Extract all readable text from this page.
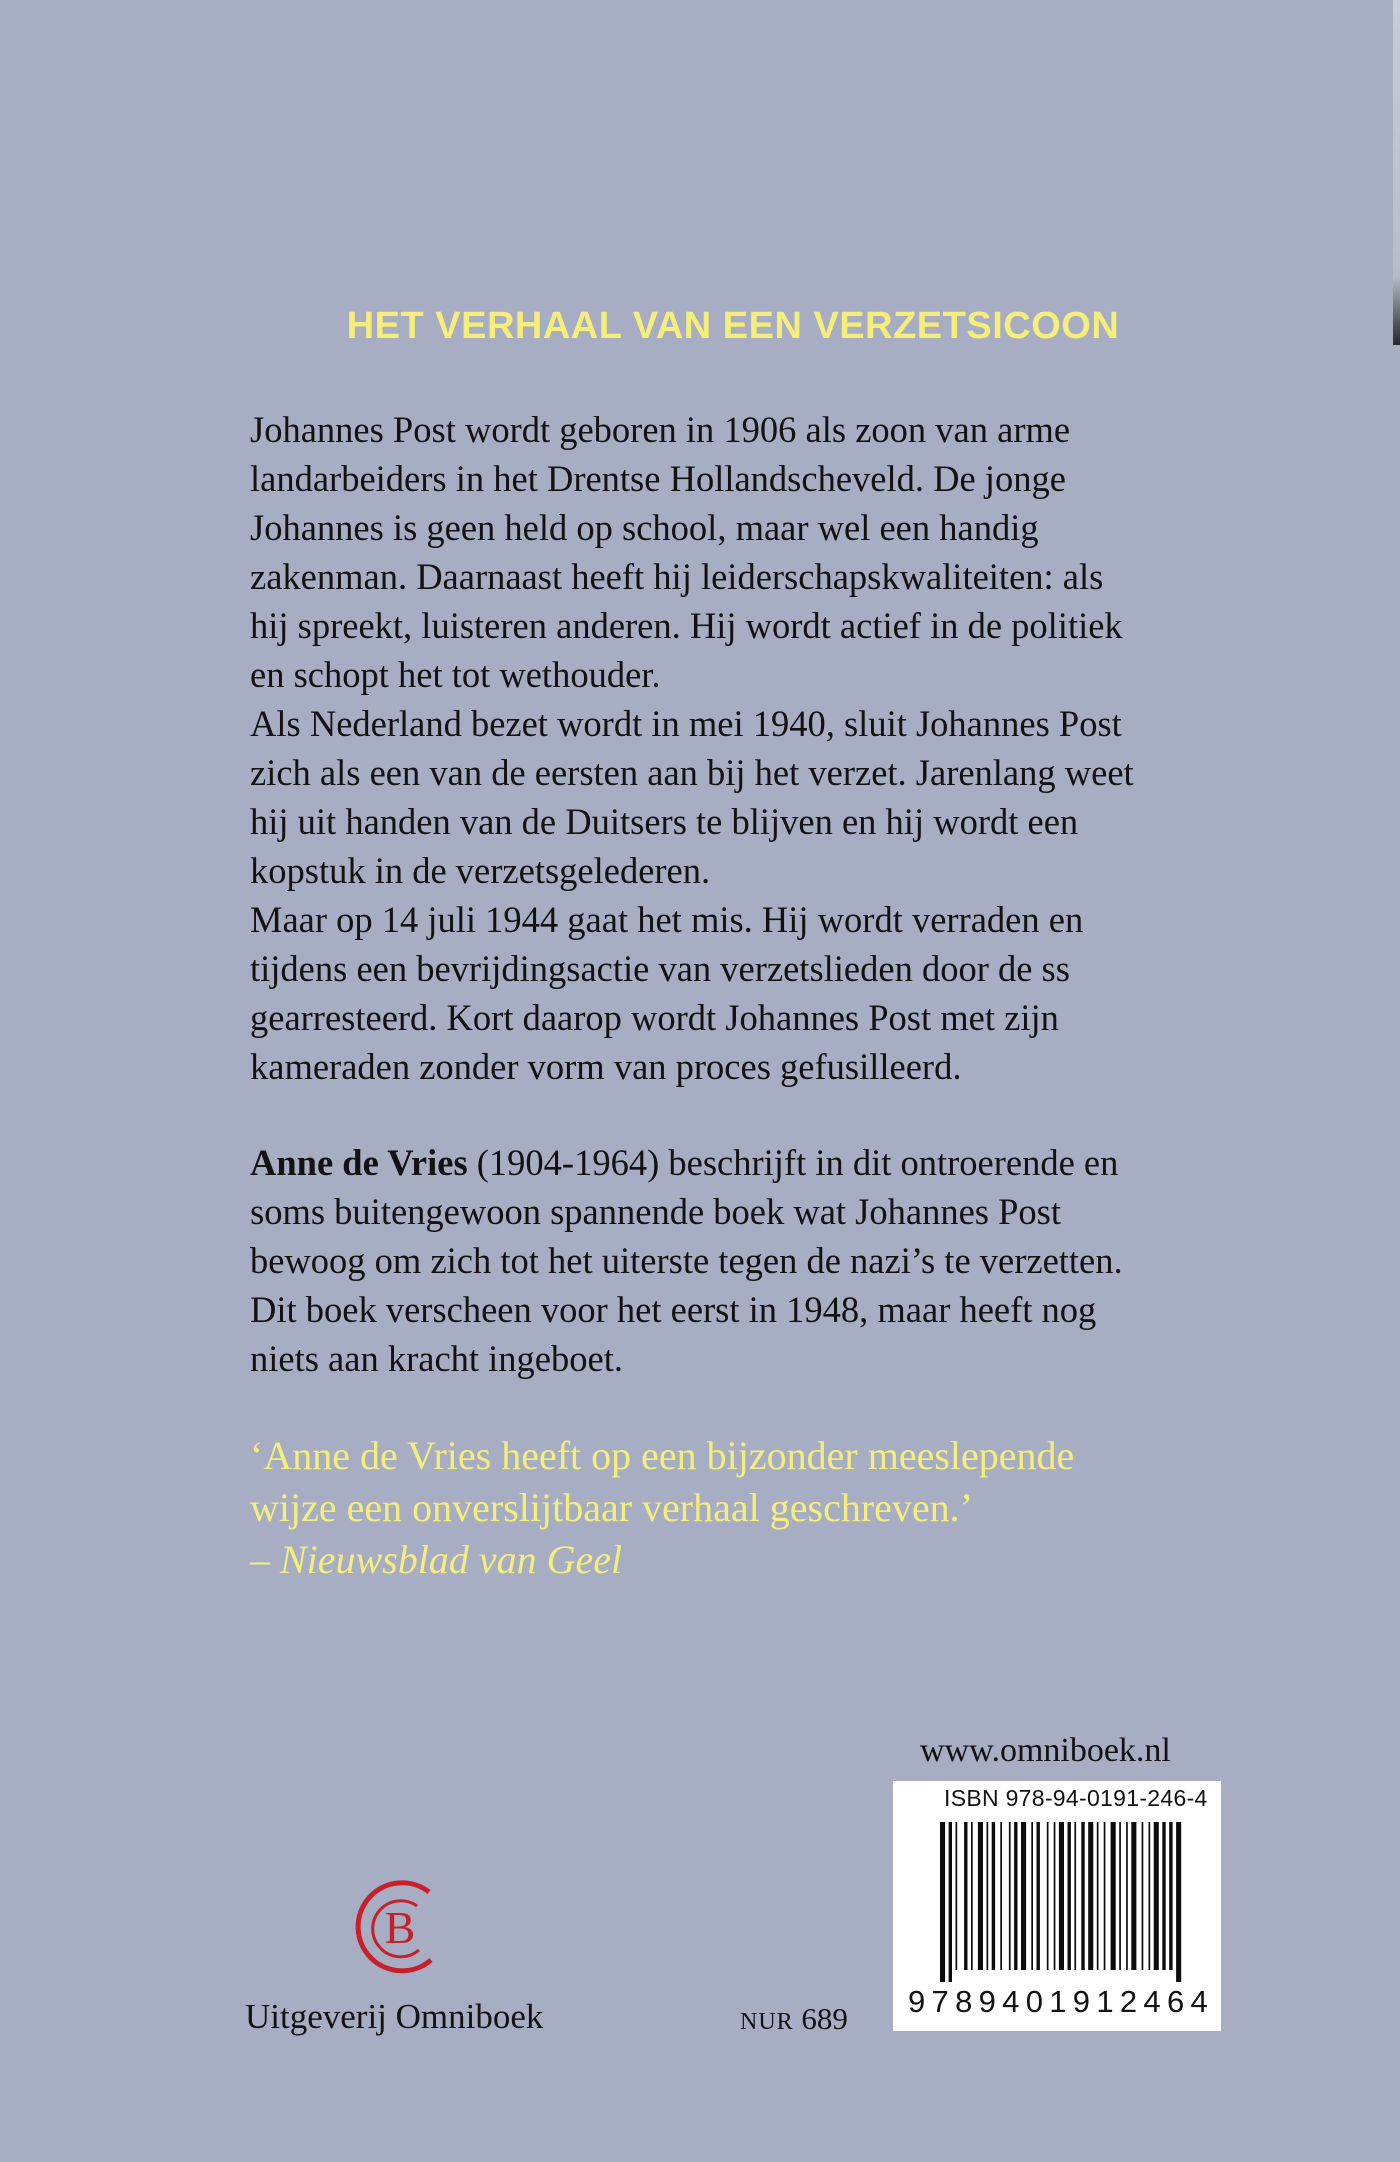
HET VERHAAL VAN EEN VERZETSICOON
Johannes Post wordt geboren in 1906 als zoon van arme
landarbeiders in het Drentse Hollandscheveld. De jonge
Johannes is geen held op school, maar wel een handig
zakenman. Daarnaast heeft hij leiderschapskwaliteiten: als
hij spreekt, luisteren anderen. Hij wordt actief in de politiek
en schopt het tot wethouder.
Als Nederland bezet wordt in mei 1940, sluit Johannes Post
zich als een van de eersten aan bij het verzet. Jarenlang weet
hij uit handen van de Duitsers te blijven en hij wordt een
kopstuk in de verzetsgelederen.
Maar op 14 juli 1944 gaat het mis. Hij wordt verraden en
tijdens een bevrijdingsactie van verzetslieden door de ss
gearresteerd. Kort daarop wordt Johannes Post met zijn
kameraden zonder vorm van proces gefusilleerd.
Anne de Vries (1904-1964) beschrijft in dit ontroerende en
soms buitengewoon spannende boek wat Johannes Post
bewoog om zich tot het uiterste tegen de nazi’s te verzetten.
Dit boek verscheen voor het eerst in 1948, maar heeft nog
niets aan kracht ingeboet.
‘Anne de Vries heeft op een bijzonder meeslepende
wijze een onverslijtbaar verhaal geschreven.’
– Nieuwsblad van Geel
www.omniboek.nl
ISBN 978-94-0191-246-4
9789401912464
B
Uitgeverij Omniboek	NUR 689
